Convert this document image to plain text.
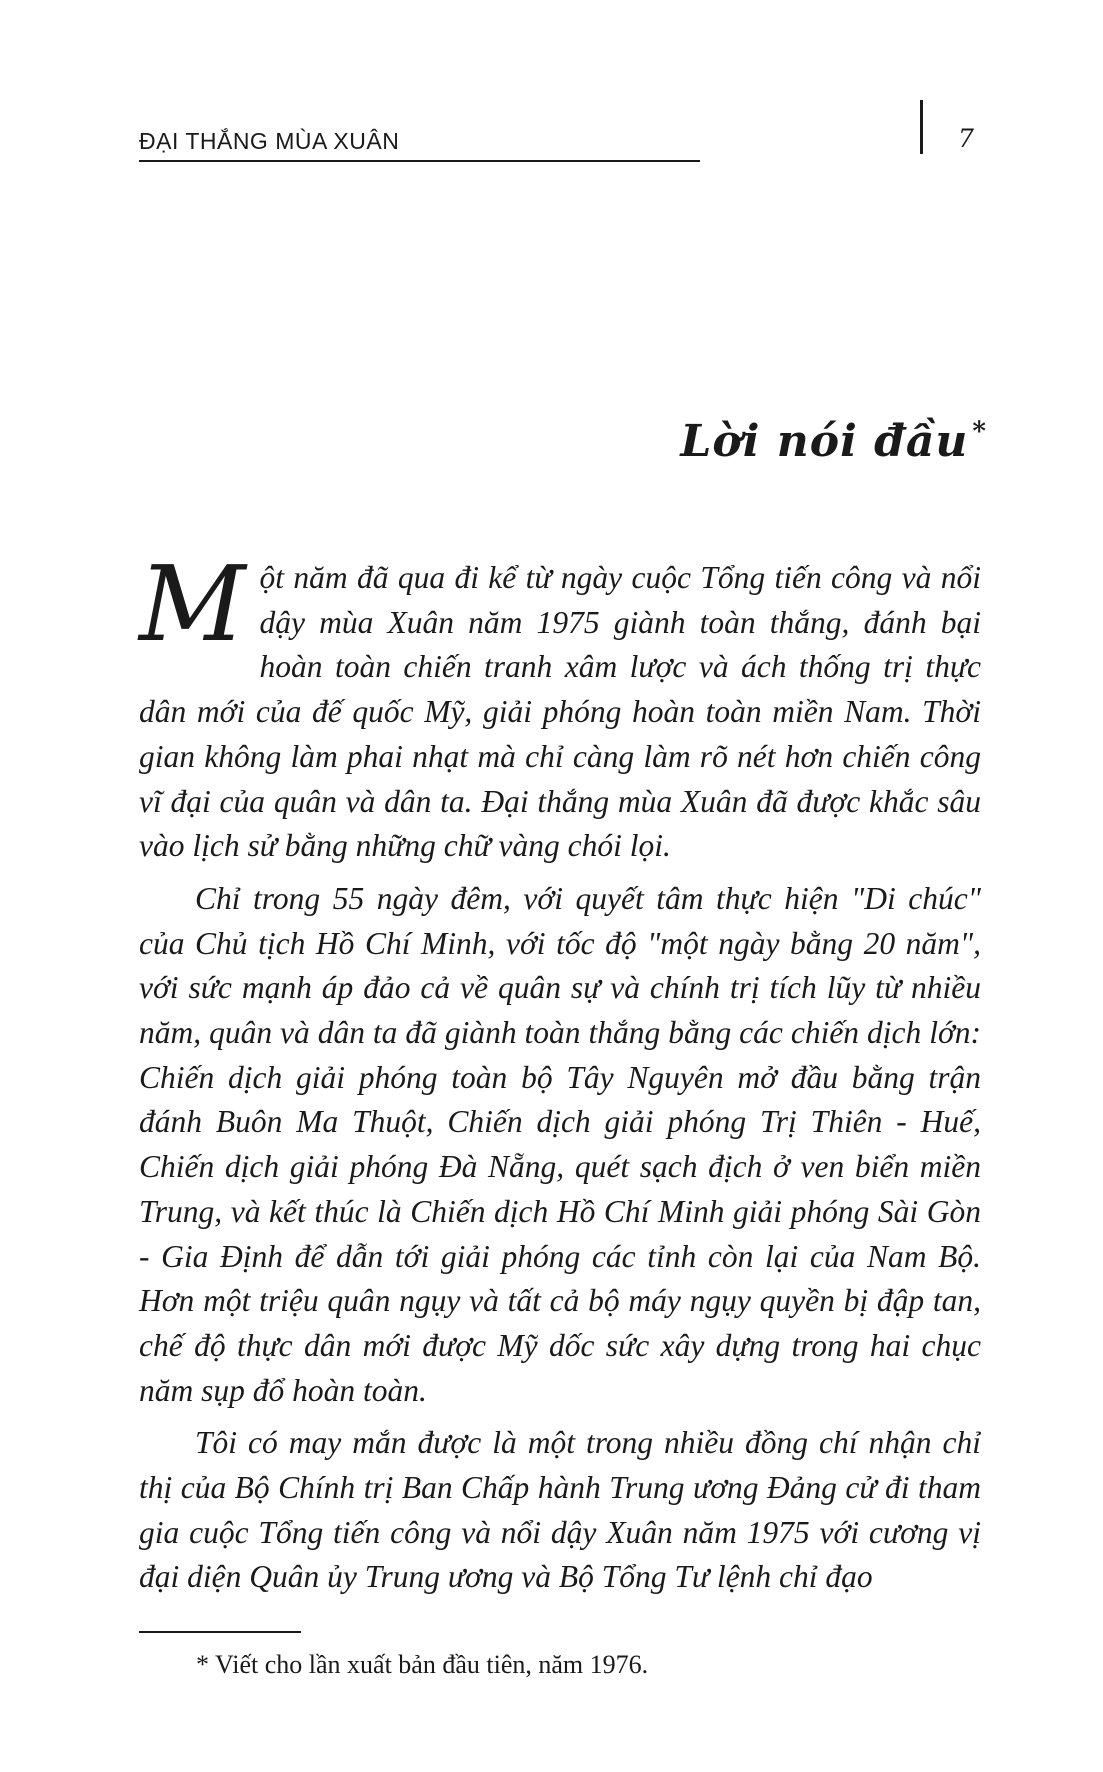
ĐẠI THẮNG MÙA XUÂN	7
Lời nói đầu *

Một năm đã qua đi kể từ ngày cuộc Tổng tiến công và nổi dậy mùa Xuân năm 1975 giành toàn thắng, đánh bại hoàn toàn chiến tranh xâm lược và ách thống trị thực dân mới của đế quốc Mỹ, giải phóng hoàn toàn miền Nam. Thời gian không làm phai nhạt mà chỉ càng làm rõ nét hơn chiến công vĩ đại của quân và dân ta. Đại thắng mùa Xuân đã được khắc sâu vào lịch sử bằng những chữ vàng chói lọi.

Chỉ trong 55 ngày đêm, với quyết tâm thực hiện "Di chúc" của Chủ tịch Hồ Chí Minh, với tốc độ "một ngày bằng 20 năm", với sức mạnh áp đảo cả về quân sự và chính trị tích lũy từ nhiều năm, quân và dân ta đã giành toàn thắng bằng các chiến dịch lớn: Chiến dịch giải phóng toàn bộ Tây Nguyên mở đầu bằng trận đánh Buôn Ma Thuột, Chiến dịch giải phóng Trị Thiên - Huế, Chiến dịch giải phóng Đà Nẵng, quét sạch địch ở ven biển miền Trung, và kết thúc là Chiến dịch Hồ Chí Minh giải phóng Sài Gòn - Gia Định để dẫn tới giải phóng các tỉnh còn lại của Nam Bộ. Hơn một triệu quân ngụy và tất cả bộ máy ngụy quyền bị đập tan, chế độ thực dân mới được Mỹ dốc sức xây dựng trong hai chục năm sụp đổ hoàn toàn.

Tôi có may mắn được là một trong nhiều đồng chí nhận chỉ thị của Bộ Chính trị Ban Chấp hành Trung ương Đảng cử đi tham gia cuộc Tổng tiến công và nổi dậy Xuân năm 1975 với cương vị đại diện Quân ủy Trung ương và Bộ Tổng Tư lệnh chỉ đạo

* Viết cho lần xuất bản đầu tiên, năm 1976.
